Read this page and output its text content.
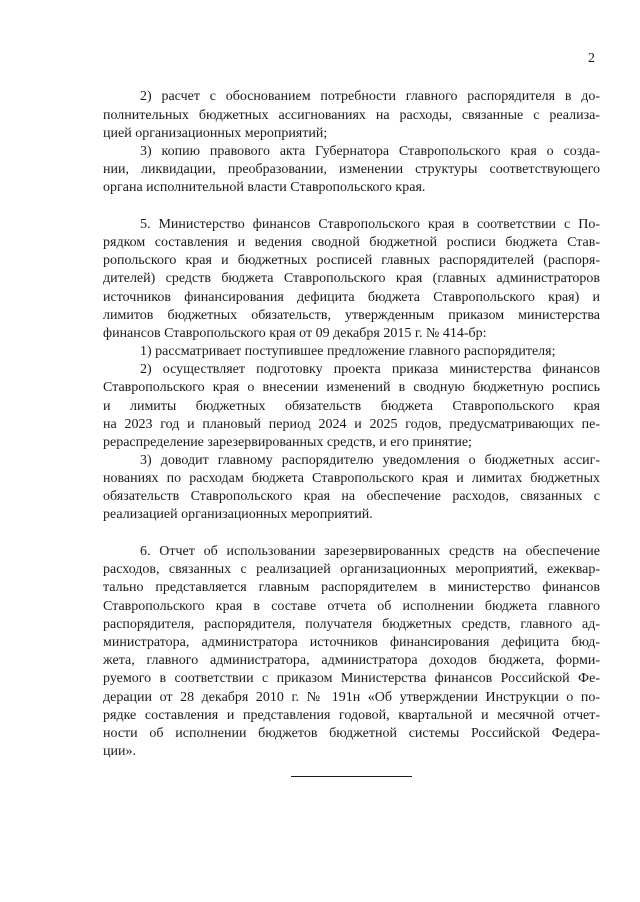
2
2) расчет с обоснованием потребности главного распорядителя в до-
полнительных бюджетных ассигнованиях на расходы, связанные с реализа-
цией организационных мероприятий;
3) копию правового акта Губернатора Ставропольского края о созда-
нии, ликвидации, преобразовании, изменении структуры соответствующего
органа исполнительной власти Ставропольского края.
5. Министерство финансов Ставропольского края в соответствии с По-
рядком составления и ведения сводной бюджетной росписи бюджета Став-
ропольского края и бюджетных росписей главных распорядителей (распоря-
дителей) средств бюджета Ставропольского края (главных администраторов
источников финансирования дефицита бюджета Ставропольского края) и
лимитов бюджетных обязательств, утвержденным приказом министерства
финансов Ставропольского края от 09 декабря 2015 г. № 414-бр:
1) рассматривает поступившее предложение главного распорядителя;
2) осуществляет подготовку проекта приказа министерства финансов
Ставропольского края о внесении изменений в сводную бюджетную роспись
и лимиты бюджетных обязательств бюджета Ставропольского края
на 2023 год и плановый период 2024 и 2025 годов, предусматривающих пе-
рераспределение зарезервированных средств, и его принятие;
3) доводит главному распорядителю уведомления о бюджетных ассиг-
нованиях по расходам бюджета Ставропольского края и лимитах бюджетных
обязательств Ставропольского края на обеспечение расходов, связанных с
реализацией организационных мероприятий.
6. Отчет об использовании зарезервированных средств на обеспечение
расходов, связанных с реализацией организационных мероприятий, ежеквар-
тально представляется главным распорядителем в министерство финансов
Ставропольского края в составе отчета об исполнении бюджета главного
распорядителя, распорядителя, получателя бюджетных средств, главного ад-
министратора, администратора источников финансирования дефицита бюд-
жета, главного администратора, администратора доходов бюджета, форми-
руемого в соответствии с приказом Министерства финансов Российской Фе-
дерации от 28 декабря 2010 г. № 191н «Об утверждении Инструкции о по-
рядке составления и представления годовой, квартальной и месячной отчет-
ности об исполнении бюджетов бюджетной системы Российской Федера-
ции».
